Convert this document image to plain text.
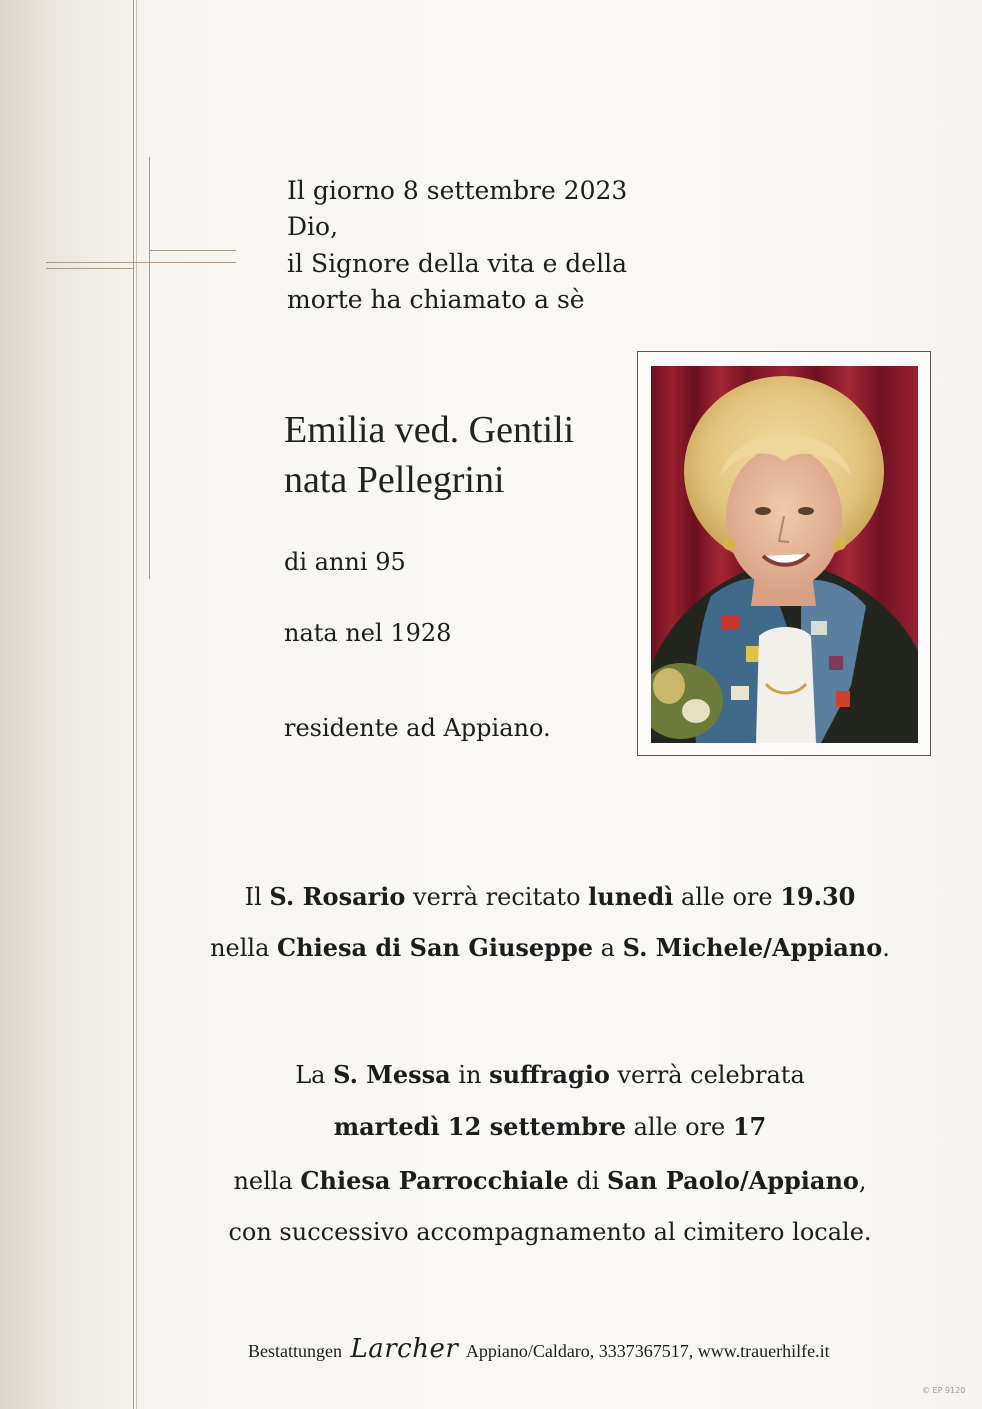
Il giorno 8 settembre 2023

Dio,

il Signore della vita e della

morte ha chiamato a sè

Emilia ved. Gentili

nata Pellegrini

di anni 95

nata nel 1928

residente ad Appiano.

Il S. Rosario verrà recitato lunedì alle ore 19.30

nella Chiesa di San Giuseppe a S. Michele/Appiano.

La S. Messa in suffragio verrà celebrata

martedì 12 settembre alle ore 17

nella Chiesa Parrocchiale di San Paolo/Appiano,

con successivo accompagnamento al cimitero locale.

Bestattungen Larcher Appiano/Caldaro, 3337367517, www.trauerhilfe.it
© EP 9120
